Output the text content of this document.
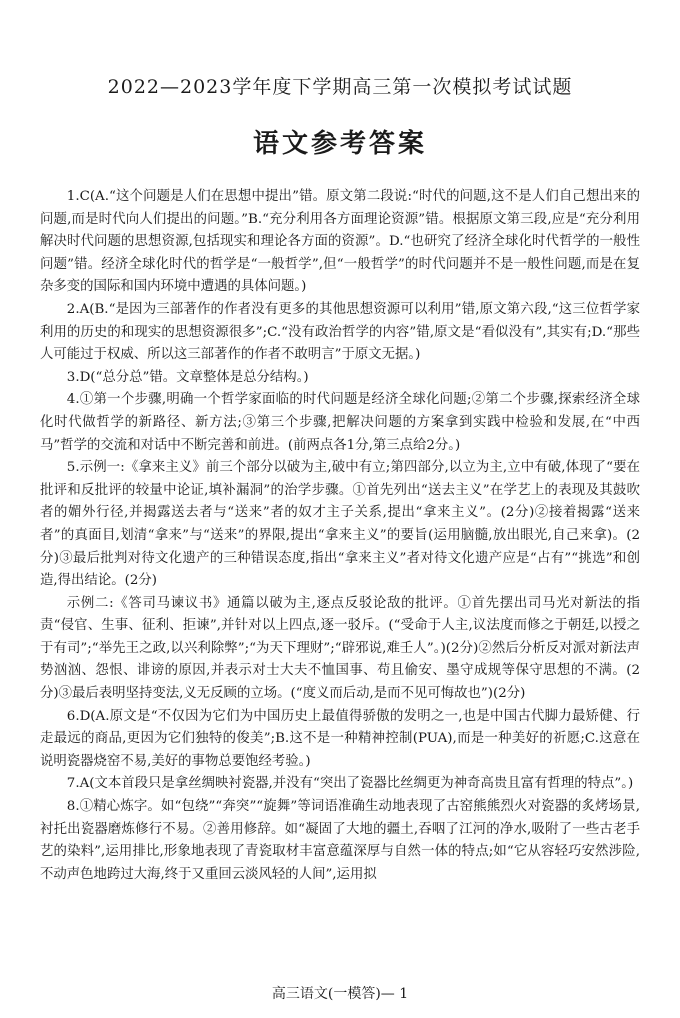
2022—2023学年度下学期高三第一次模拟考试试题
语文参考答案

1.C(A.“这个问题是人们在思想中提出”错。原文第二段说:“时代的问题,这不是人们自己想出来的问题,而是时代向人们提出的问题。”B.“充分利用各方面理论资源”错。根据原文第三段,应是“充分利用解决时代问题的思想资源,包括现实和理论各方面的资源”。D.“也研究了经济全球化时代哲学的一般性问题”错。经济全球化时代的哲学是“一般哲学”,但“一般哲学”的时代问题并不是一般性问题,而是在复杂多变的国际和国内环境中遭遇的具体问题。)

2.A(B.“是因为三部著作的作者没有更多的其他思想资源可以利用”错,原文第六段,“这三位哲学家利用的历史的和现实的思想资源很多”;C.“没有政治哲学的内容”错,原文是“看似没有”,其实有;D.“那些人可能过于权威、所以这三部著作的作者不敢明言”于原文无据。)

3.D(“总分总”错。文章整体是总分结构。)

4.①第一个步骤,明确一个哲学家面临的时代问题是经济全球化问题;②第二个步骤,探索经济全球化时代做哲学的新路径、新方法;③第三个步骤,把解决问题的方案拿到实践中检验和发展,在“中西马”哲学的交流和对话中不断完善和前进。(前两点各1分,第三点给2分。)

5.示例一:《拿来主义》前三个部分以破为主,破中有立;第四部分,以立为主,立中有破,体现了“要在批评和反批评的较量中论证,填补漏洞”的治学步骤。①首先列出“送去主义”在学艺上的表现及其鼓吹者的媚外行径,并揭露送去者与“送来”者的奴才主子关系,提出“拿来主义”。(2分)②接着揭露“送来者”的真面目,划清“拿来”与“送来”的界限,提出“拿来主义”的要旨(运用脑髓,放出眼光,自己来拿)。(2分)③最后批判对待文化遗产的三种错误态度,指出“拿来主义”者对待文化遗产应是“占有”“挑选”和创造,得出结论。(2分)

示例二:《答司马谏议书》通篇以破为主,逐点反驳论敌的批评。①首先摆出司马光对新法的指责“侵官、生事、征利、拒谏”,并针对以上四点,逐一驳斥。(“受命于人主,议法度而修之于朝廷,以授之于有司”;“举先王之政,以兴利除弊”;“为天下理财”;“辟邪说,难壬人”。)(2分)②然后分析反对派对新法声势汹汹、怨恨、诽谤的原因,并表示对士大夫不恤国事、苟且偷安、墨守成规等保守思想的不满。(2分)③最后表明坚持变法,义无反顾的立场。(“度义而后动,是而不见可悔故也”)(2分)

6.D(A.原文是“不仅因为它们为中国历史上最值得骄傲的发明之一,也是中国古代脚力最矫健、行走最远的商品,更因为它们独特的俊美”;B.这不是一种精神控制(PUA),而是一种美好的祈愿;C.这意在说明瓷器烧窑不易,美好的事物总要饱经考验。)

7.A(文本首段只是拿丝绸映衬瓷器,并没有“突出了瓷器比丝绸更为神奇高贵且富有哲理的特点”。)

8.①精心炼字。如“包绕”“奔突”“旋舞”等词语准确生动地表现了古窑熊熊烈火对瓷器的炙烤场景,衬托出瓷器磨炼修行不易。②善用修辞。如“凝固了大地的疆土,吞咽了江河的净水,吸附了一些古老手艺的染料”,运用排比,形象地表现了青瓷取材丰富意蕴深厚与自然一体的特点;如“它从容轻巧安然涉险,不动声色地跨过大海,终于又重回云淡风轻的人间”,运用拟

高三语文(一模答)— 1
